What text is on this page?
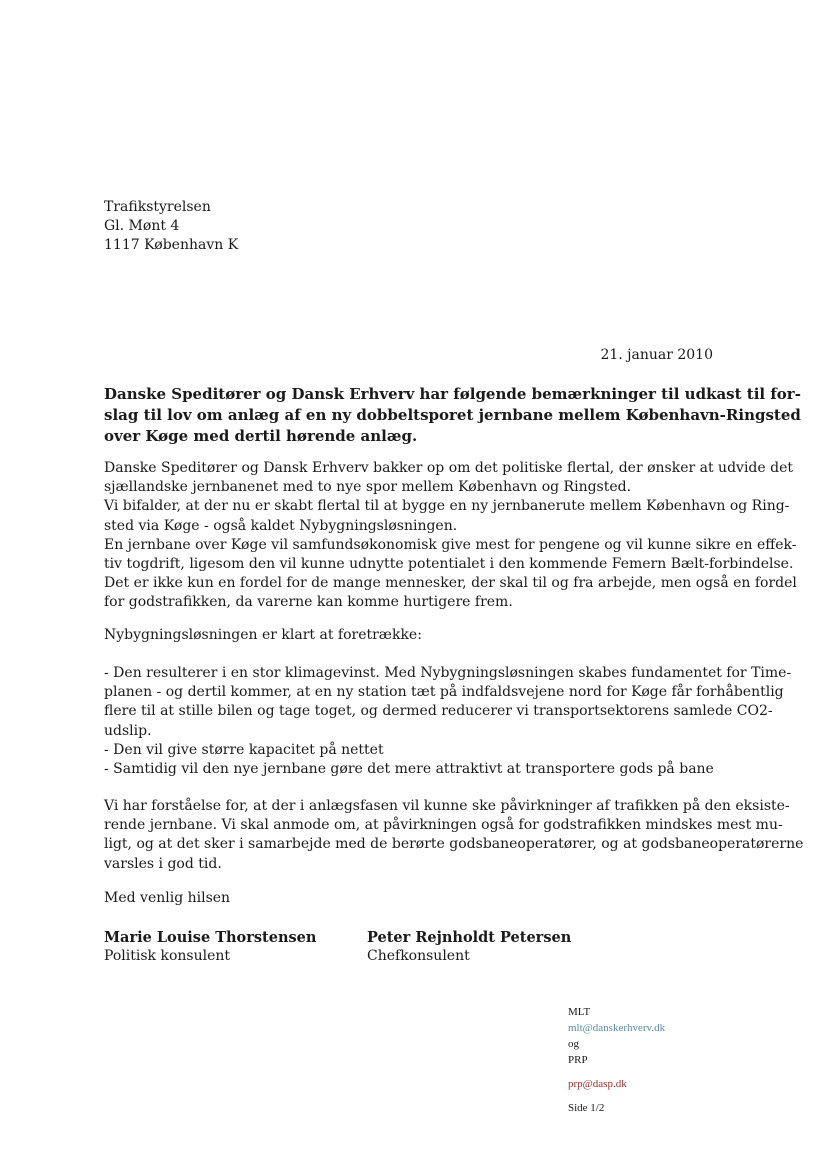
Trafikstyrelsen
Gl. Mønt 4
1117 København K
21. januar 2010
Danske Speditører og Dansk Erhverv har følgende bemærkninger til udkast til for-
slag til lov om anlæg af en ny dobbeltsporet jernbane mellem København-Ringsted
over Køge med dertil hørende anlæg.
Danske Speditører og Dansk Erhverv bakker op om det politiske flertal, der ønsker at udvide det
sjællandske jernbanenet med to nye spor mellem København og Ringsted.
Vi bifalder, at der nu er skabt flertal til at bygge en ny jernbanerute mellem København og Ring-
sted via Køge - også kaldet Nybygningsløsningen.
En jernbane over Køge vil samfundsøkonomisk give mest for pengene og vil kunne sikre en effek-
tiv togdrift, ligesom den vil kunne udnytte potentialet i den kommende Femern Bælt-forbindelse.
Det er ikke kun en fordel for de mange mennesker, der skal til og fra arbejde, men også en fordel
for godstrafikken, da varerne kan komme hurtigere frem.
Nybygningsløsningen er klart at foretrække:
- Den resulterer i en stor klimagevinst. Med Nybygningsløsningen skabes fundamentet for Time-
planen - og dertil kommer, at en ny station tæt på indfaldsvejene nord for Køge får forhåbentlig
flere til at stille bilen og tage toget, og dermed reducerer vi transportsektorens samlede CO2-
udslip.
- Den vil give større kapacitet på nettet
- Samtidig vil den nye jernbane gøre det mere attraktivt at transportere gods på bane
Vi har forståelse for, at der i anlægsfasen vil kunne ske påvirkninger af trafikken på den eksiste-
rende jernbane. Vi skal anmode om, at påvirkningen også for godstrafikken mindskes mest mu-
ligt, og at det sker i samarbejde med de berørte godsbaneoperatører, og at godsbaneoperatørerne
varsles i god tid.
Med venlig hilsen
Marie Louise Thorstensen
Politisk konsulent
Peter Rejnholdt Petersen
Chefkonsulent
MLT
mlt@danskerhverv.dk
og
PRP
prp@dasp.dk
Side 1/2
